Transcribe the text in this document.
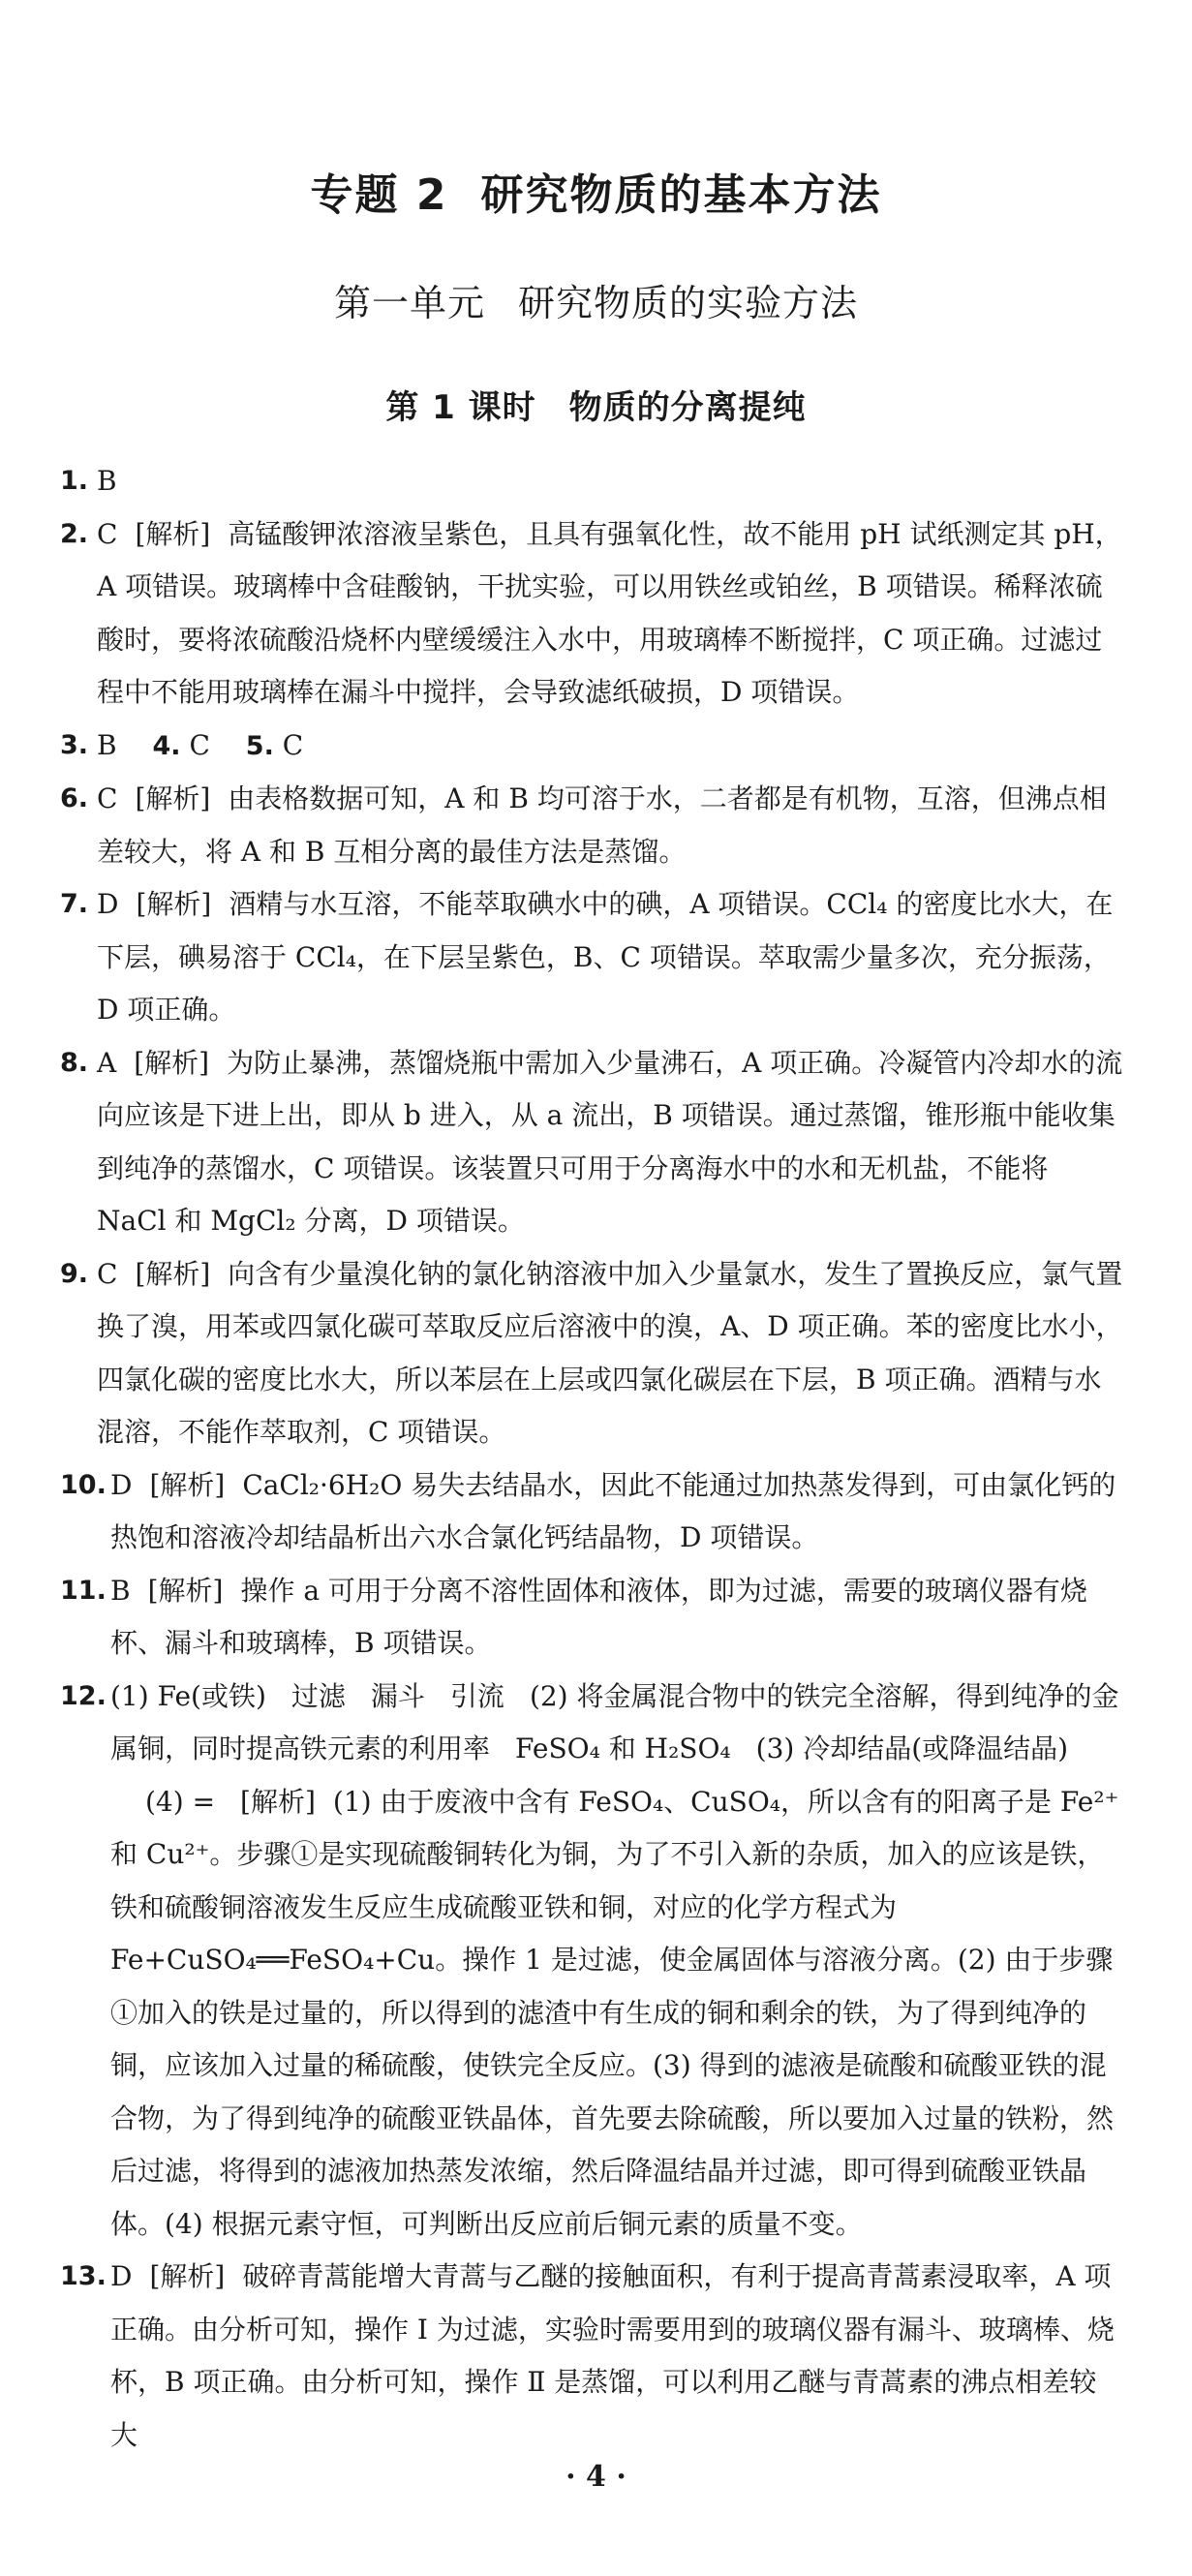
专题 2 研究物质的基本方法
第一单元 研究物质的实验方法
第 1 课时 物质的分离提纯
1. B
2. C [解析] 高锰酸钾浓溶液呈紫色，且具有强氧化性，故不能用 pH 试纸测定其 pH，A 项错误。玻璃棒中含硅酸钠，干扰实验，可以用铁丝或铂丝，B 项错误。稀释浓硫酸时，要将浓硫酸沿烧杯内壁缓缓注入水中，用玻璃棒不断搅拌，C 项正确。过滤过程中不能用玻璃棒在漏斗中搅拌，会导致滤纸破损，D 项错误。
3. B 4. C 5. C
6. C [解析] 由表格数据可知，A 和 B 均可溶于水，二者都是有机物，互溶，但沸点相差较大，将 A 和 B 互相分离的最佳方法是蒸馏。
7. D [解析] 酒精与水互溶，不能萃取碘水中的碘，A 项错误。CCl₄ 的密度比水大，在下层，碘易溶于 CCl₄，在下层呈紫色，B、C 项错误。萃取需少量多次，充分振荡，D 项正确。
8. A [解析] 为防止暴沸，蒸馏烧瓶中需加入少量沸石，A 项正确。冷凝管内冷却水的流向应该是下进上出，即从 b 进入，从 a 流出，B 项错误。通过蒸馏，锥形瓶中能收集到纯净的蒸馏水，C 项错误。该装置只可用于分离海水中的水和无机盐，不能将 NaCl 和 MgCl₂ 分离，D 项错误。
9. C [解析] 向含有少量溴化钠的氯化钠溶液中加入少量氯水，发生了置换反应，氯气置换了溴，用苯或四氯化碳可萃取反应后溶液中的溴，A、D 项正确。苯的密度比水小，四氯化碳的密度比水大，所以苯层在上层或四氯化碳层在下层，B 项正确。酒精与水混溶，不能作萃取剂，C 项错误。
10. D [解析] CaCl₂·6H₂O 易失去结晶水，因此不能通过加热蒸发得到，可由氯化钙的热饱和溶液冷却结晶析出六水合氯化钙结晶物，D 项错误。
11. B [解析] 操作 a 可用于分离不溶性固体和液体，即为过滤，需要的玻璃仪器有烧杯、漏斗和玻璃棒，B 项错误。
12. (1) Fe(或铁) 过滤 漏斗 引流 (2) 将金属混合物中的铁完全溶解，得到纯净的金属铜，同时提高铁元素的利用率 FeSO₄ 和 H₂SO₄ (3) 冷却结晶(或降温结晶)
(4) = [解析] (1) 由于废液中含有 FeSO₄、CuSO₄，所以含有的阳离子是 Fe²⁺ 和 Cu²⁺。步骤①是实现硫酸铜转化为铜，为了不引入新的杂质，加入的应该是铁，铁和硫酸铜溶液发生反应生成硫酸亚铁和铜，对应的化学方程式为 Fe+CuSO₄══FeSO₄+Cu。操作 1 是过滤，使金属固体与溶液分离。(2) 由于步骤①加入的铁是过量的，所以得到的滤渣中有生成的铜和剩余的铁，为了得到纯净的铜，应该加入过量的稀硫酸，使铁完全反应。(3) 得到的滤液是硫酸和硫酸亚铁的混合物，为了得到纯净的硫酸亚铁晶体，首先要去除硫酸，所以要加入过量的铁粉，然后过滤，将得到的滤液加热蒸发浓缩，然后降温结晶并过滤，即可得到硫酸亚铁晶体。(4) 根据元素守恒，可判断出反应前后铜元素的质量不变。
13. D [解析] 破碎青蒿能增大青蒿与乙醚的接触面积，有利于提高青蒿素浸取率，A 项正确。由分析可知，操作 Ⅰ 为过滤，实验时需要用到的玻璃仪器有漏斗、玻璃棒、烧杯，B 项正确。由分析可知，操作 Ⅱ 是蒸馏，可以利用乙醚与青蒿素的沸点相差较大
· 4 ·
